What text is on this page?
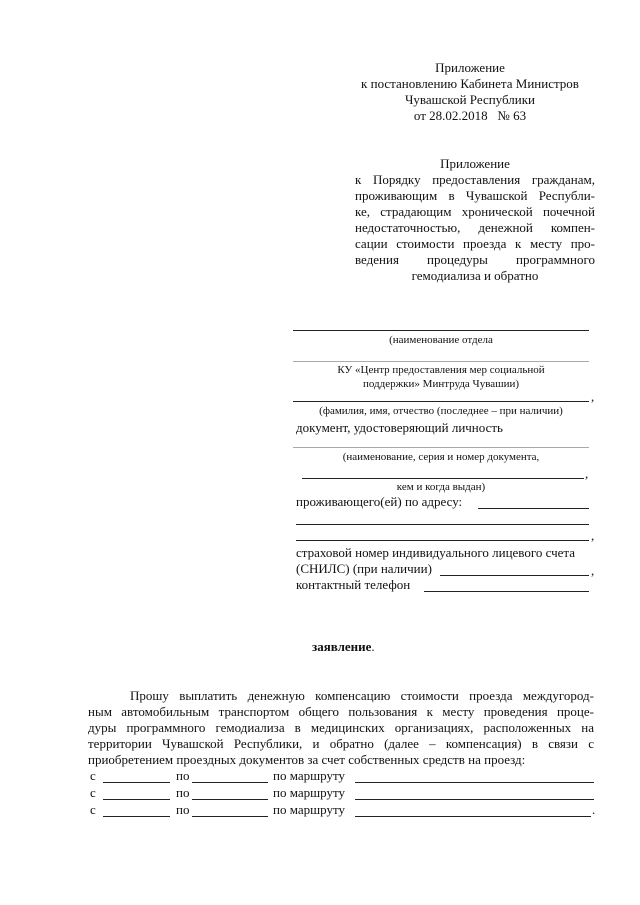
Приложение
к постановлению Кабинета Министров
Чувашской Республики
от 28.02.2018   № 63
Приложение
к Порядку предоставления гражданам,
проживающим в Чувашской Республи-
ке, страдающим хронической почечной
недостаточностью, денежной компен-
сации стоимости проезда к месту про-
ведения процедуры программного
гемодиализа и обратно
(наименование отдела
КУ «Центр предоставления мер социальной
поддержки» Минтруда Чувашии)
,
(фамилия, имя, отчество (последнее – при наличии)
документ, удостоверяющий личность
(наименование, серия и номер документа,
,
кем и когда выдан)
проживающего(ей) по адресу:
,
страховой номер индивидуального лицевого счета
(СНИЛС) (при наличии)	,
контактный телефон
заявление.
Прошу выплатить денежную компенсацию стоимости проезда междугород-
ным автомобильным транспортом общего пользования к месту проведения проце-
дуры программного гемодиализа в медицинских организациях, расположенных на
территории Чувашской Республики, и обратно (далее – компенсация) в связи с
приобретением проездных документов за счет собственных средств на проезд:
с	по	по маршруту
с	по	по маршруту
с	по	по маршруту	.
